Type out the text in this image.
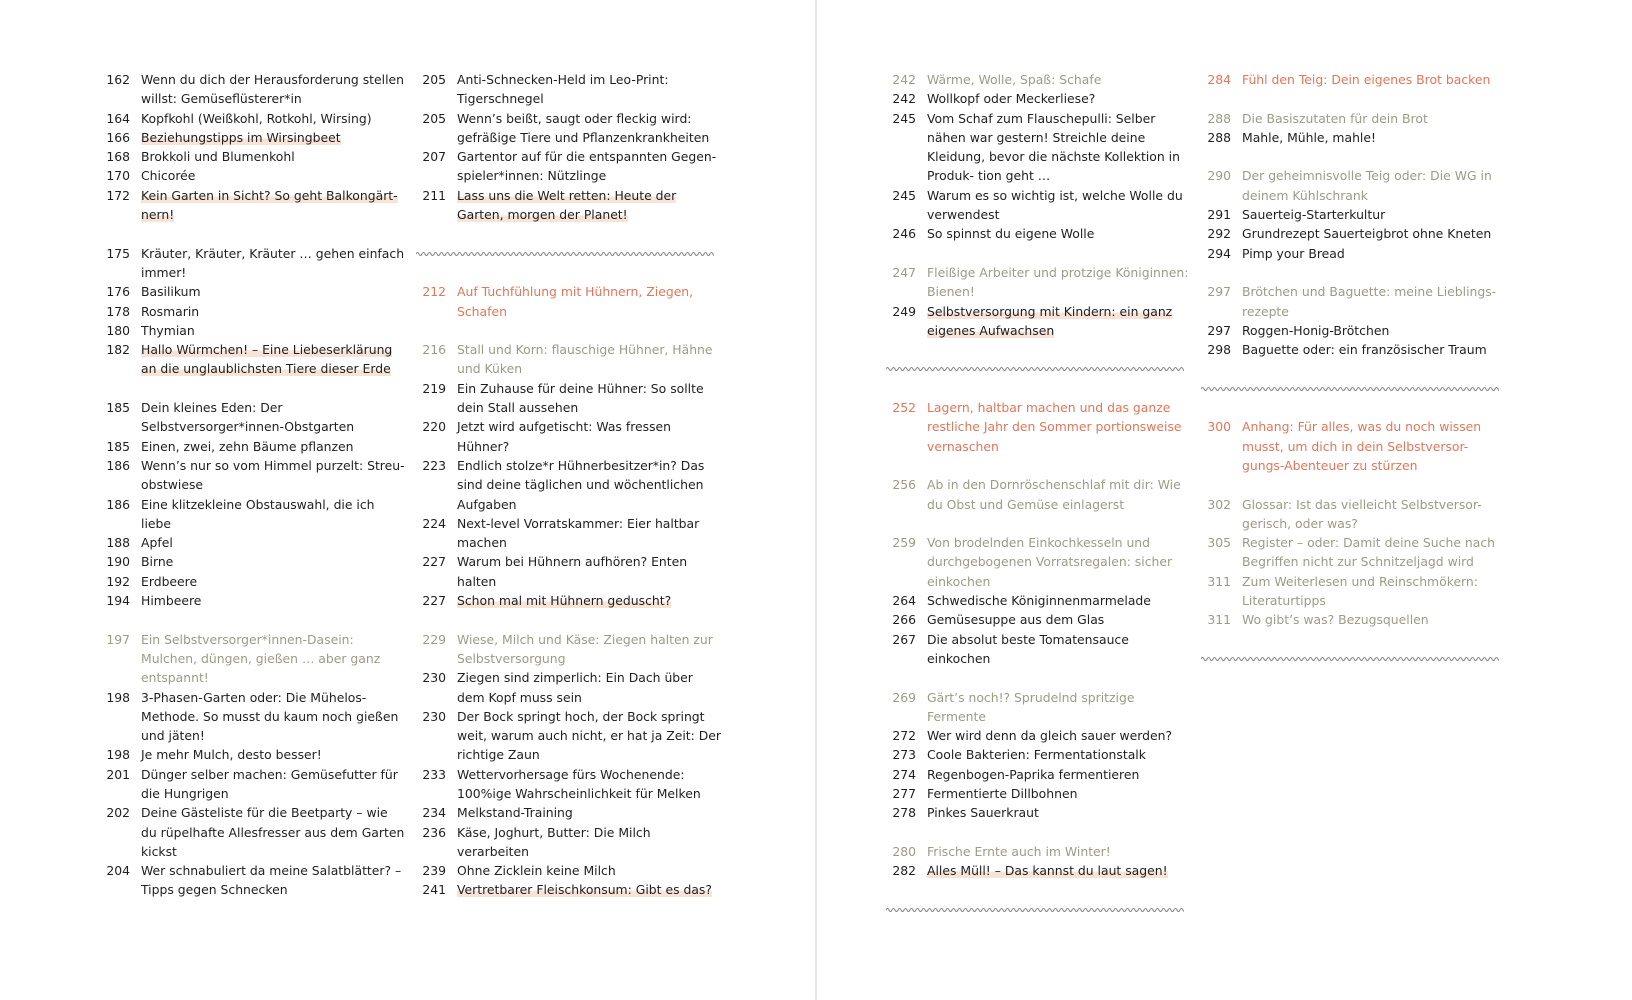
162 Wenn du dich der Herausforderung stellen willst: Gemüseflüsterer*in
164 Kopfkohl (Weißkohl, Rotkohl, Wirsing)
166 Beziehungstipps im Wirsingbeet
168 Brokkoli und Blumenkohl
170 Chicorée
172 Kein Garten in Sicht? So geht Balkongärt- nern!
175 Kräuter, Kräuter, Kräuter … gehen einfach immer!
176 Basilikum
178 Rosmarin
180 Thymian
182 Hallo Würmchen! – Eine Liebeserklärung an die unglaublichsten Tiere dieser Erde
185 Dein kleines Eden: Der Selbstversorger*innen-Obstgarten
185 Einen, zwei, zehn Bäume pflanzen
186 Wenn’s nur so vom Himmel purzelt: Streu- obstwiese
186 Eine klitzekleine Obstauswahl, die ich liebe
188 Apfel
190 Birne
192 Erdbeere
194 Himbeere
197 Ein Selbstversorger*innen-Dasein: Mulchen, düngen, gießen … aber ganz entspannt!
198 3-Phasen-Garten oder: Die Mühelos-Methode. So musst du kaum noch gießen und jäten!
198 Je mehr Mulch, desto besser!
201 Dünger selber machen: Gemüsefutter für die Hungrigen
202 Deine Gästeliste für die Beetparty – wie du rüpelhafte Allesfresser aus dem Garten kickst
204 Wer schnabuliert da meine Salatblätter? – Tipps gegen Schnecken
205 Anti-Schnecken-Held im Leo-Print: Tigerschnegel
205 Wenn’s beißt, saugt oder fleckig wird: gefräßige Tiere und Pflanzenkrankheiten
207 Gartentor auf für die entspannten Gegen- spieler*innen: Nützlinge
211 Lass uns die Welt retten: Heute der Garten, morgen der Planet!
212 Auf Tuchfühlung mit Hühnern, Ziegen, Schafen
216 Stall und Korn: flauschige Hühner, Hähne und Küken
219 Ein Zuhause für deine Hühner: So sollte dein Stall aussehen
220 Jetzt wird aufgetischt: Was fressen Hühner?
223 Endlich stolze*r Hühnerbesitzer*in? Das sind deine täglichen und wöchentlichen Aufgaben
224 Next-level Vorratskammer: Eier haltbar machen
227 Warum bei Hühnern aufhören? Enten halten
227 Schon mal mit Hühnern geduscht?
229 Wiese, Milch und Käse: Ziegen halten zur Selbstversorgung
230 Ziegen sind zimperlich: Ein Dach über dem Kopf muss sein
230 Der Bock springt hoch, der Bock springt weit, warum auch nicht, er hat ja Zeit: Der richtige Zaun
233 Wettervorhersage fürs Wochenende: 100%ige Wahrscheinlichkeit für Melken
234 Melkstand-Training
236 Käse, Joghurt, Butter: Die Milch verarbeiten
239 Ohne Zicklein keine Milch
241 Vertretbarer Fleischkonsum: Gibt es das?
242 Wärme, Wolle, Spaß: Schafe
242 Wollkopf oder Meckerliese?
245 Vom Schaf zum Flauschepulli: Selber nähen war gestern! Streichle deine Kleidung, bevor die nächste Kollektion in Produk- tion geht …
245 Warum es so wichtig ist, welche Wolle du verwendest
246 So spinnst du eigene Wolle
247 Fleißige Arbeiter und protzige Königinnen: Bienen!
249 Selbstversorgung mit Kindern: ein ganz eigenes Aufwachsen
252 Lagern, haltbar machen und das ganze restliche Jahr den Sommer portionsweise vernaschen
256 Ab in den Dornröschenschlaf mit dir: Wie du Obst und Gemüse einlagerst
259 Von brodelnden Einkochkesseln und durchgebogenen Vorratsregalen: sicher einkochen
264 Schwedische Königinnenmarmelade
266 Gemüsesuppe aus dem Glas
267 Die absolut beste Tomatensauce einkochen
269 Gärt’s noch!? Sprudelnd spritzige Fermente
272 Wer wird denn da gleich sauer werden?
273 Coole Bakterien: Fermentationstalk
274 Regenbogen-Paprika fermentieren
277 Fermentierte Dillbohnen
278 Pinkes Sauerkraut
280 Frische Ernte auch im Winter!
282 Alles Müll! – Das kannst du laut sagen!
284 Fühl den Teig: Dein eigenes Brot backen
288 Die Basiszutaten für dein Brot
288 Mahle, Mühle, mahle!
290 Der geheimnisvolle Teig oder: Die WG in deinem Kühlschrank
291 Sauerteig-Starterkultur
292 Grundrezept Sauerteigbrot ohne Kneten
294 Pimp your Bread
297 Brötchen und Baguette: meine Lieblings- rezepte
297 Roggen-Honig-Brötchen
298 Baguette oder: ein französischer Traum
300 Anhang: Für alles, was du noch wissen musst, um dich in dein Selbstversor- gungs-Abenteuer zu stürzen
302 Glossar: Ist das vielleicht Selbstversor- gerisch, oder was?
305 Register – oder: Damit deine Suche nach Begriffen nicht zur Schnitzeljagd wird
311 Zum Weiterlesen und Reinschmökern: Literaturtipps
311 Wo gibt’s was? Bezugsquellen
